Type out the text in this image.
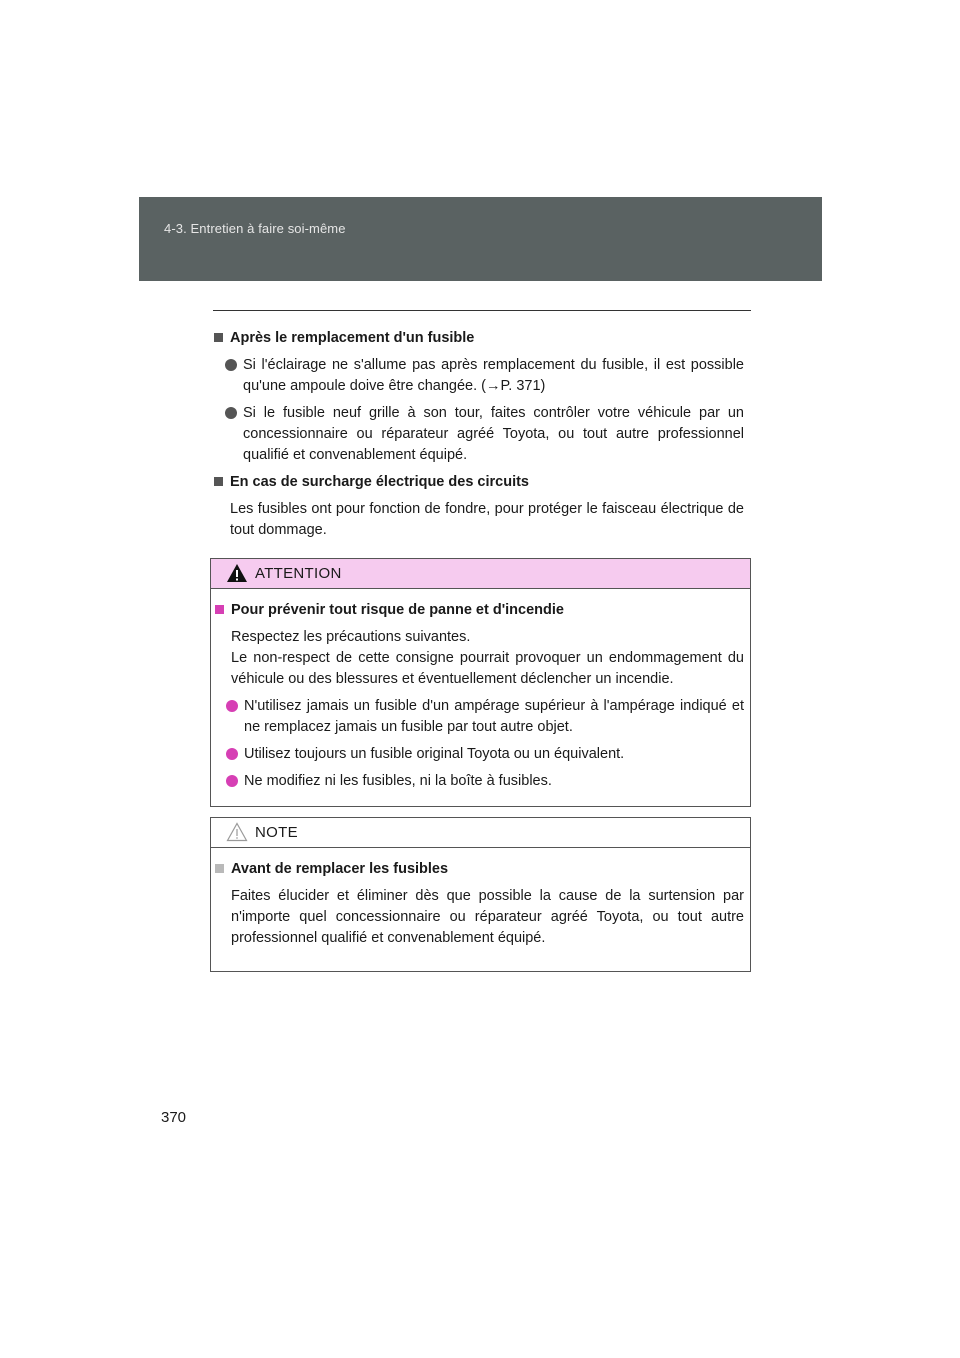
4-3. Entretien à faire soi-même
Après le remplacement d'un fusible
Si l'éclairage ne s'allume pas après remplacement du fusible, il est possible qu'une ampoule doive être changée. (→P. 371)
Si le fusible neuf grille à son tour, faites contrôler votre véhicule par un concessionnaire ou réparateur agréé Toyota, ou tout autre professionnel qualifié et convenablement équipé.
En cas de surcharge électrique des circuits
Les fusibles ont pour fonction de fondre, pour protéger le faisceau électrique de tout dommage.
ATTENTION
Pour prévenir tout risque de panne et d'incendie
Respectez les précautions suivantes.
Le non-respect de cette consigne pourrait provoquer un endommagement du véhicule ou des blessures et éventuellement déclencher un incendie.
N'utilisez jamais un fusible d'un ampérage supérieur à l'ampérage indiqué et ne remplacez jamais un fusible par tout autre objet.
Utilisez toujours un fusible original Toyota ou un équivalent.
Ne modifiez ni les fusibles, ni la boîte à fusibles.
NOTE
Avant de remplacer les fusibles
Faites élucider et éliminer dès que possible la cause de la surtension par n'importe quel concessionnaire ou réparateur agréé Toyota, ou tout autre professionnel qualifié et convenablement équipé.
370
